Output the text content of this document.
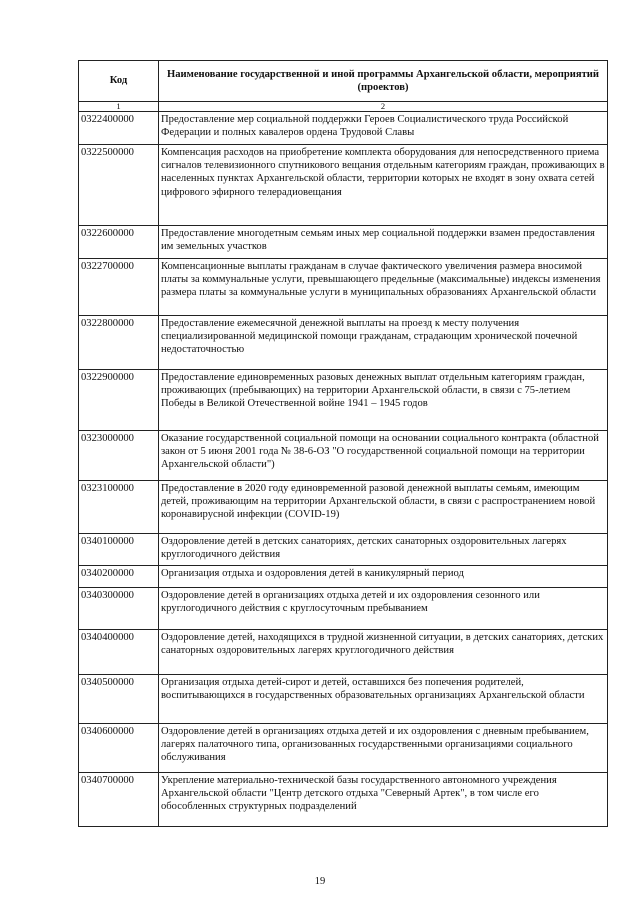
Код	Наименование государственной и иной программы Архангельской области, мероприятий (проектов)
1	2
0322400000	Предоставление мер социальной поддержки Героев Социалистического труда Российской Федерации и полных кавалеров ордена Трудовой Славы
0322500000	Компенсация расходов на приобретение комплекта оборудования для непосредственного приема сигналов телевизионного спутникового вещания отдельным категориям граждан, проживающих в населенных пунктах Архангельской области, территории которых не входят в зону охвата сетей цифрового эфирного телерадиовещания
0322600000	Предоставление многодетным семьям иных мер социальной поддержки взамен предоставления им земельных участков
0322700000	Компенсационные выплаты гражданам в случае фактического увеличения размера вносимой платы за коммунальные услуги, превышающего предельные (максимальные) индексы изменения размера платы за коммунальные услуги в муниципальных образованиях Архангельской области
0322800000	Предоставление ежемесячной денежной выплаты на проезд к месту получения специализированной медицинской помощи гражданам, страдающим хронической почечной недостаточностью
0322900000	Предоставление единовременных разовых денежных выплат отдельным категориям граждан, проживающих (пребывающих) на территории Архангельской области, в связи с 75-летием Победы в Великой Отечественной войне 1941 – 1945 годов
0323000000	Оказание государственной социальной помощи на основании социального контракта (областной закон от 5 июня 2001 года № 38-6-ОЗ "О государственной социальной помощи на территории Архангельской области")
0323100000	Предоставление в 2020 году единовременной разовой денежной выплаты семьям, имеющим детей, проживающим на территории Архангельской области, в связи с распространением новой коронавирусной инфекции (COVID-19)
0340100000	Оздоровление детей в детских санаториях, детских санаторных оздоровительных лагерях круглогодичного действия
0340200000	Организация отдыха и оздоровления детей в каникулярный период
0340300000	Оздоровление детей в организациях отдыха детей и их оздоровления сезонного или круглогодичного действия с круглосуточным пребыванием
0340400000	Оздоровление детей, находящихся в трудной жизненной ситуации, в детских санаториях, детских санаторных оздоровительных лагерях круглогодичного действия
0340500000	Организация отдыха детей-сирот и детей, оставшихся без попечения родителей, воспитывающихся в государственных образовательных организациях Архангельской области
0340600000	Оздоровление детей в организациях отдыха детей и их оздоровления с дневным пребыванием, лагерях палаточного типа, организованных государственными организациями социального обслуживания
0340700000	Укрепление материально-технической базы государственного автономного учреждения Архангельской области "Центр детского отдыха "Северный Артек", в том числе его обособленных структурных подразделений
19
